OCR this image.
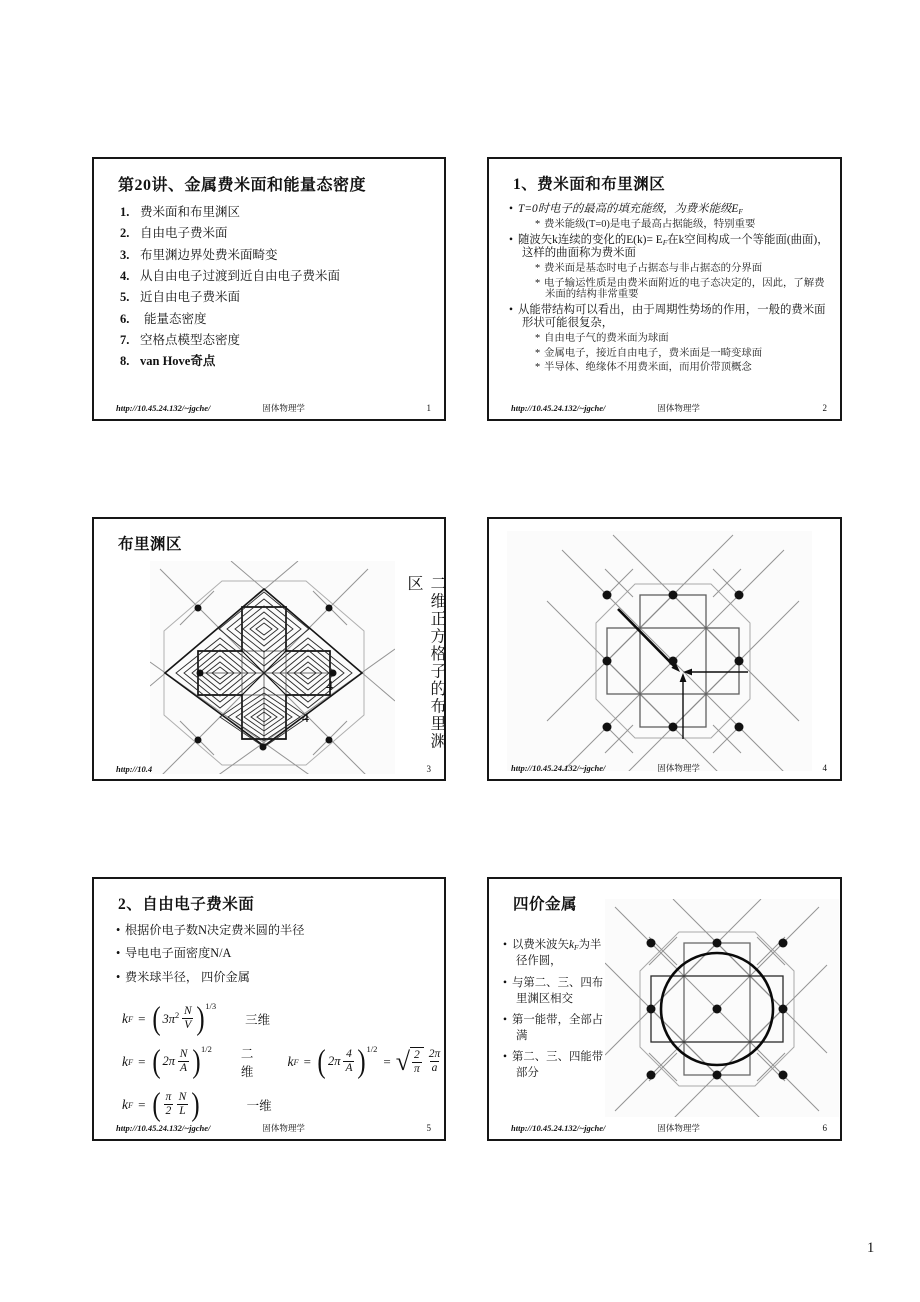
第20讲、金属费米面和能量态密度
1. 费米面和布里渊区
2. 自由电子费米面
3. 布里渊边界处费米面畸变
4. 从自由电子过渡到近自由电子费米面
5. 近自由电子费米面
6.	能量态密度
7. 空格点模型态密度
8. van Hove奇点
http://10.45.24.132/~jgche/	固体物理学	1
1、费米面和布里渊区
• T=0时电子的最高的填充能级，为费米能级EF
* 费米能级(T=0)是电子最高占据能级，特别重要
• 随波矢k连续的变化的E(k)= EF在k空间构成一个等能面(曲面)，这样的曲面称为费米面
* 费米面是基态时电子占据态与非占据态的分界面
* 电子输运性质是由费米面附近的电子态决定的，因此，了解费米面的结构非常重要
• 从能带结构可以看出，由于周期性势场的作用，一般的费米面形状可能很复杂，
* 自由电子气的费米面为球面
* 金属电子，接近自由电子，费米面是一畸变球面
* 半导体、绝缘体不用费米面，而用价带顶概念
http://10.45.24.132/~jgche/	固体物理学	2
布里渊区
4
4	二维正方格子的布里渊区
http://10.4	3	http://10.45.24.132/~jgche/	固体物理学	4
2、自由电子费米面
• 根据价电子数N决定费米圆的半径
• 导电电子面密度N/A
• 费米球半径， 四价金属
k F = ( $3\pi^2 \frac{N}{V}$ ) 1/3
三维
k F = ( $2\pi \frac{N}{A}$ ) 1/2 二维
k F = ( $2\pi \frac{4}{A}$ ) 1/2
= √ $\frac{2}{\pi} \frac{2\pi}{a}$
k F = ( $\frac{\pi}{2} \frac{N}{L}$ )	一维
http://10.45.24.132/~jgche/	固体物理学	5
四价金属
• 以费米波矢kF为半径作圆，
• 与第二、三、四布里渊区相交
• 第一能带，全部占满
• 第二、三、四能带部分
http://10.45.24.132/~jgche/	固体物理学	6
1
